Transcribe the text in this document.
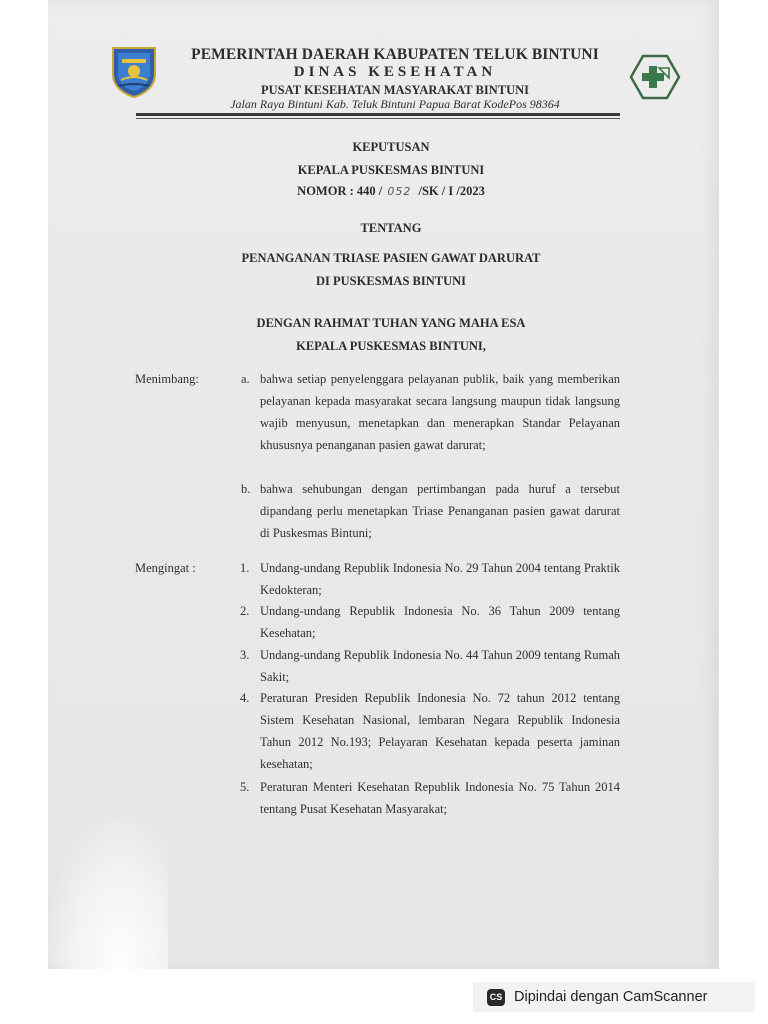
PEMERINTAH DAERAH KABUPATEN TELUK BINTUNI
DINAS KESEHATAN
PUSAT KESEHATAN MASYARAKAT BINTUNI
Jalan Raya Bintuni Kab. Teluk Bintuni Papua Barat KodePos 98364
KEPUTUSAN
KEPALA PUSKESMAS BINTUNI
NOMOR : 440 / 052 /SK / I /2023
TENTANG
PENANGANAN TRIASE PASIEN GAWAT DARURAT
DI PUSKESMAS BINTUNI
DENGAN RAHMAT TUHAN YANG MAHA ESA
KEPALA PUSKESMAS BINTUNI,
Menimbang:	a. bahwa setiap penyelenggara pelayanan publik, baik yang memberikan pelayanan kepada masyarakat secara langsung maupun tidak langsung wajib menyusun, menetapkan dan menerapkan Standar Pelayanan khususnya penanganan pasien gawat darurat;
b. bahwa sehubungan dengan pertimbangan pada huruf a tersebut dipandang perlu menetapkan Triase Penanganan pasien gawat darurat di Puskesmas Bintuni;
Mengingat :	1. Undang-undang Republik Indonesia No. 29 Tahun 2004 tentang Praktik Kedokteran;
2. Undang-undang Republik Indonesia No. 36 Tahun 2009 tentang Kesehatan;
3. Undang-undang Republik Indonesia No. 44 Tahun 2009 tentang Rumah Sakit;
4. Peraturan Presiden Republik Indonesia No. 72 tahun 2012 tentang Sistem Kesehatan Nasional, lembaran Negara Republik Indonesia Tahun 2012 No.193; Pelayaran Kesehatan kepada peserta jaminan kesehatan;
5. Peraturan Menteri Kesehatan Republik Indonesia No. 75 Tahun 2014 tentang Pusat Kesehatan Masyarakat;
CS Dipindai dengan CamScanner
